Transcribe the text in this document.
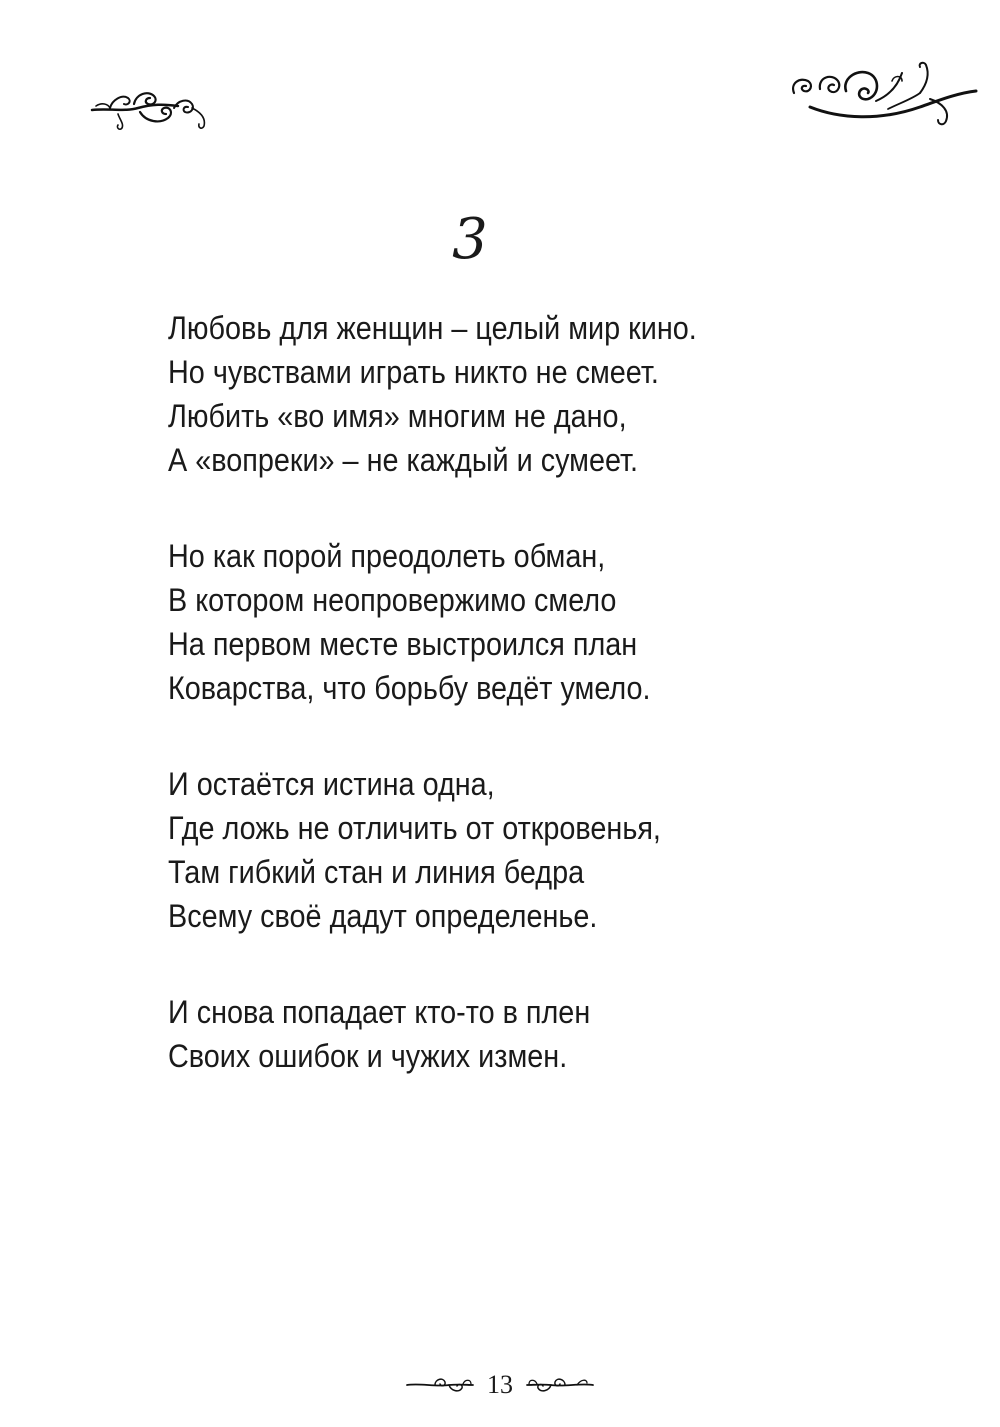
3
Любовь для женщин – целый мир кино.
Но чувствами играть никто не смеет.
Любить «во имя» многим не дано,
А «вопреки» – не каждый и сумеет.
Но как порой преодолеть обман,
В котором неопровержимо смело
На первом месте выстроился план
Коварства, что борьбу ведёт умело.
И остаётся истина одна,
Где ложь не отличить от откровенья,
Там гибкий стан и линия бедра
Всему своё дадут определенье.
И снова попадает кто-то в плен
Своих ошибок и чужих измен.
13
